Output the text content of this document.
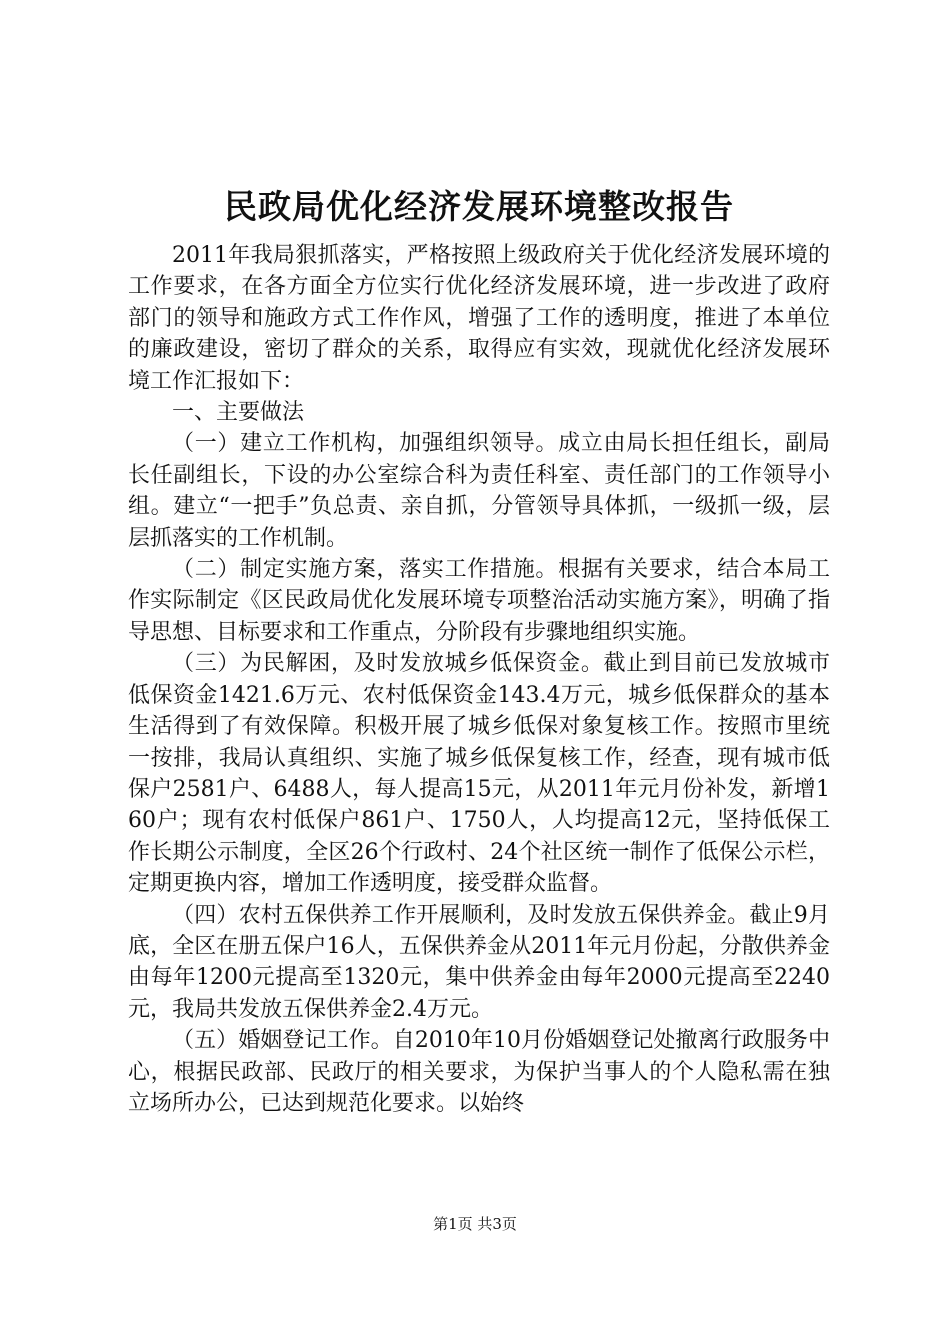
民政局优化经济发展环境整改报告

2011年我局狠抓落实，严格按照上级政府关于优化经济发展环境的工作要求，在各方面全方位实行优化经济发展环境，进一步改进了政府部门的领导和施政方式工作作风，增强了工作的透明度，推进了本单位的廉政建设，密切了群众的关系，取得应有实效，现就优化经济发展环境工作汇报如下：

一、主要做法

（一）建立工作机构，加强组织领导。成立由局长担任组长，副局长任副组长，下设的办公室综合科为责任科室、责任部门的工作领导小组。建立“一把手”负总责、亲自抓，分管领导具体抓，一级抓一级，层层抓落实的工作机制。

（二）制定实施方案，落实工作措施。根据有关要求，结合本局工作实际制定《区民政局优化发展环境专项整治活动实施方案》，明确了指导思想、目标要求和工作重点，分阶段有步骤地组织实施。

（三）为民解困，及时发放城乡低保资金。截止到目前已发放城市低保资金1421.6万元、农村低保资金143.4万元，城乡低保群众的基本生活得到了有效保障。积极开展了城乡低保对象复核工作。按照市里统一按排，我局认真组织、实施了城乡低保复核工作，经查，现有城市低保户2581户、6488人，每人提高15元，从2011年元月份补发，新增160户；现有农村低保户861户、1750人，人均提高12元，坚持低保工作长期公示制度，全区26个行政村、24个社区统一制作了低保公示栏，定期更换内容，增加工作透明度，接受群众监督。

（四）农村五保供养工作开展顺利，及时发放五保供养金。截止9月底，全区在册五保户16人，五保供养金从2011年元月份起，分散供养金由每年1200元提高至1320元，集中供养金由每年2000元提高至2240元，我局共发放五保供养金2.4万元。

（五）婚姻登记工作。自2010年10月份婚姻登记处撤离行政服务中心，根据民政部、民政厅的相关要求，为保护当事人的个人隐私需在独立场所办公，已达到规范化要求。以始终

第1页 共3页
